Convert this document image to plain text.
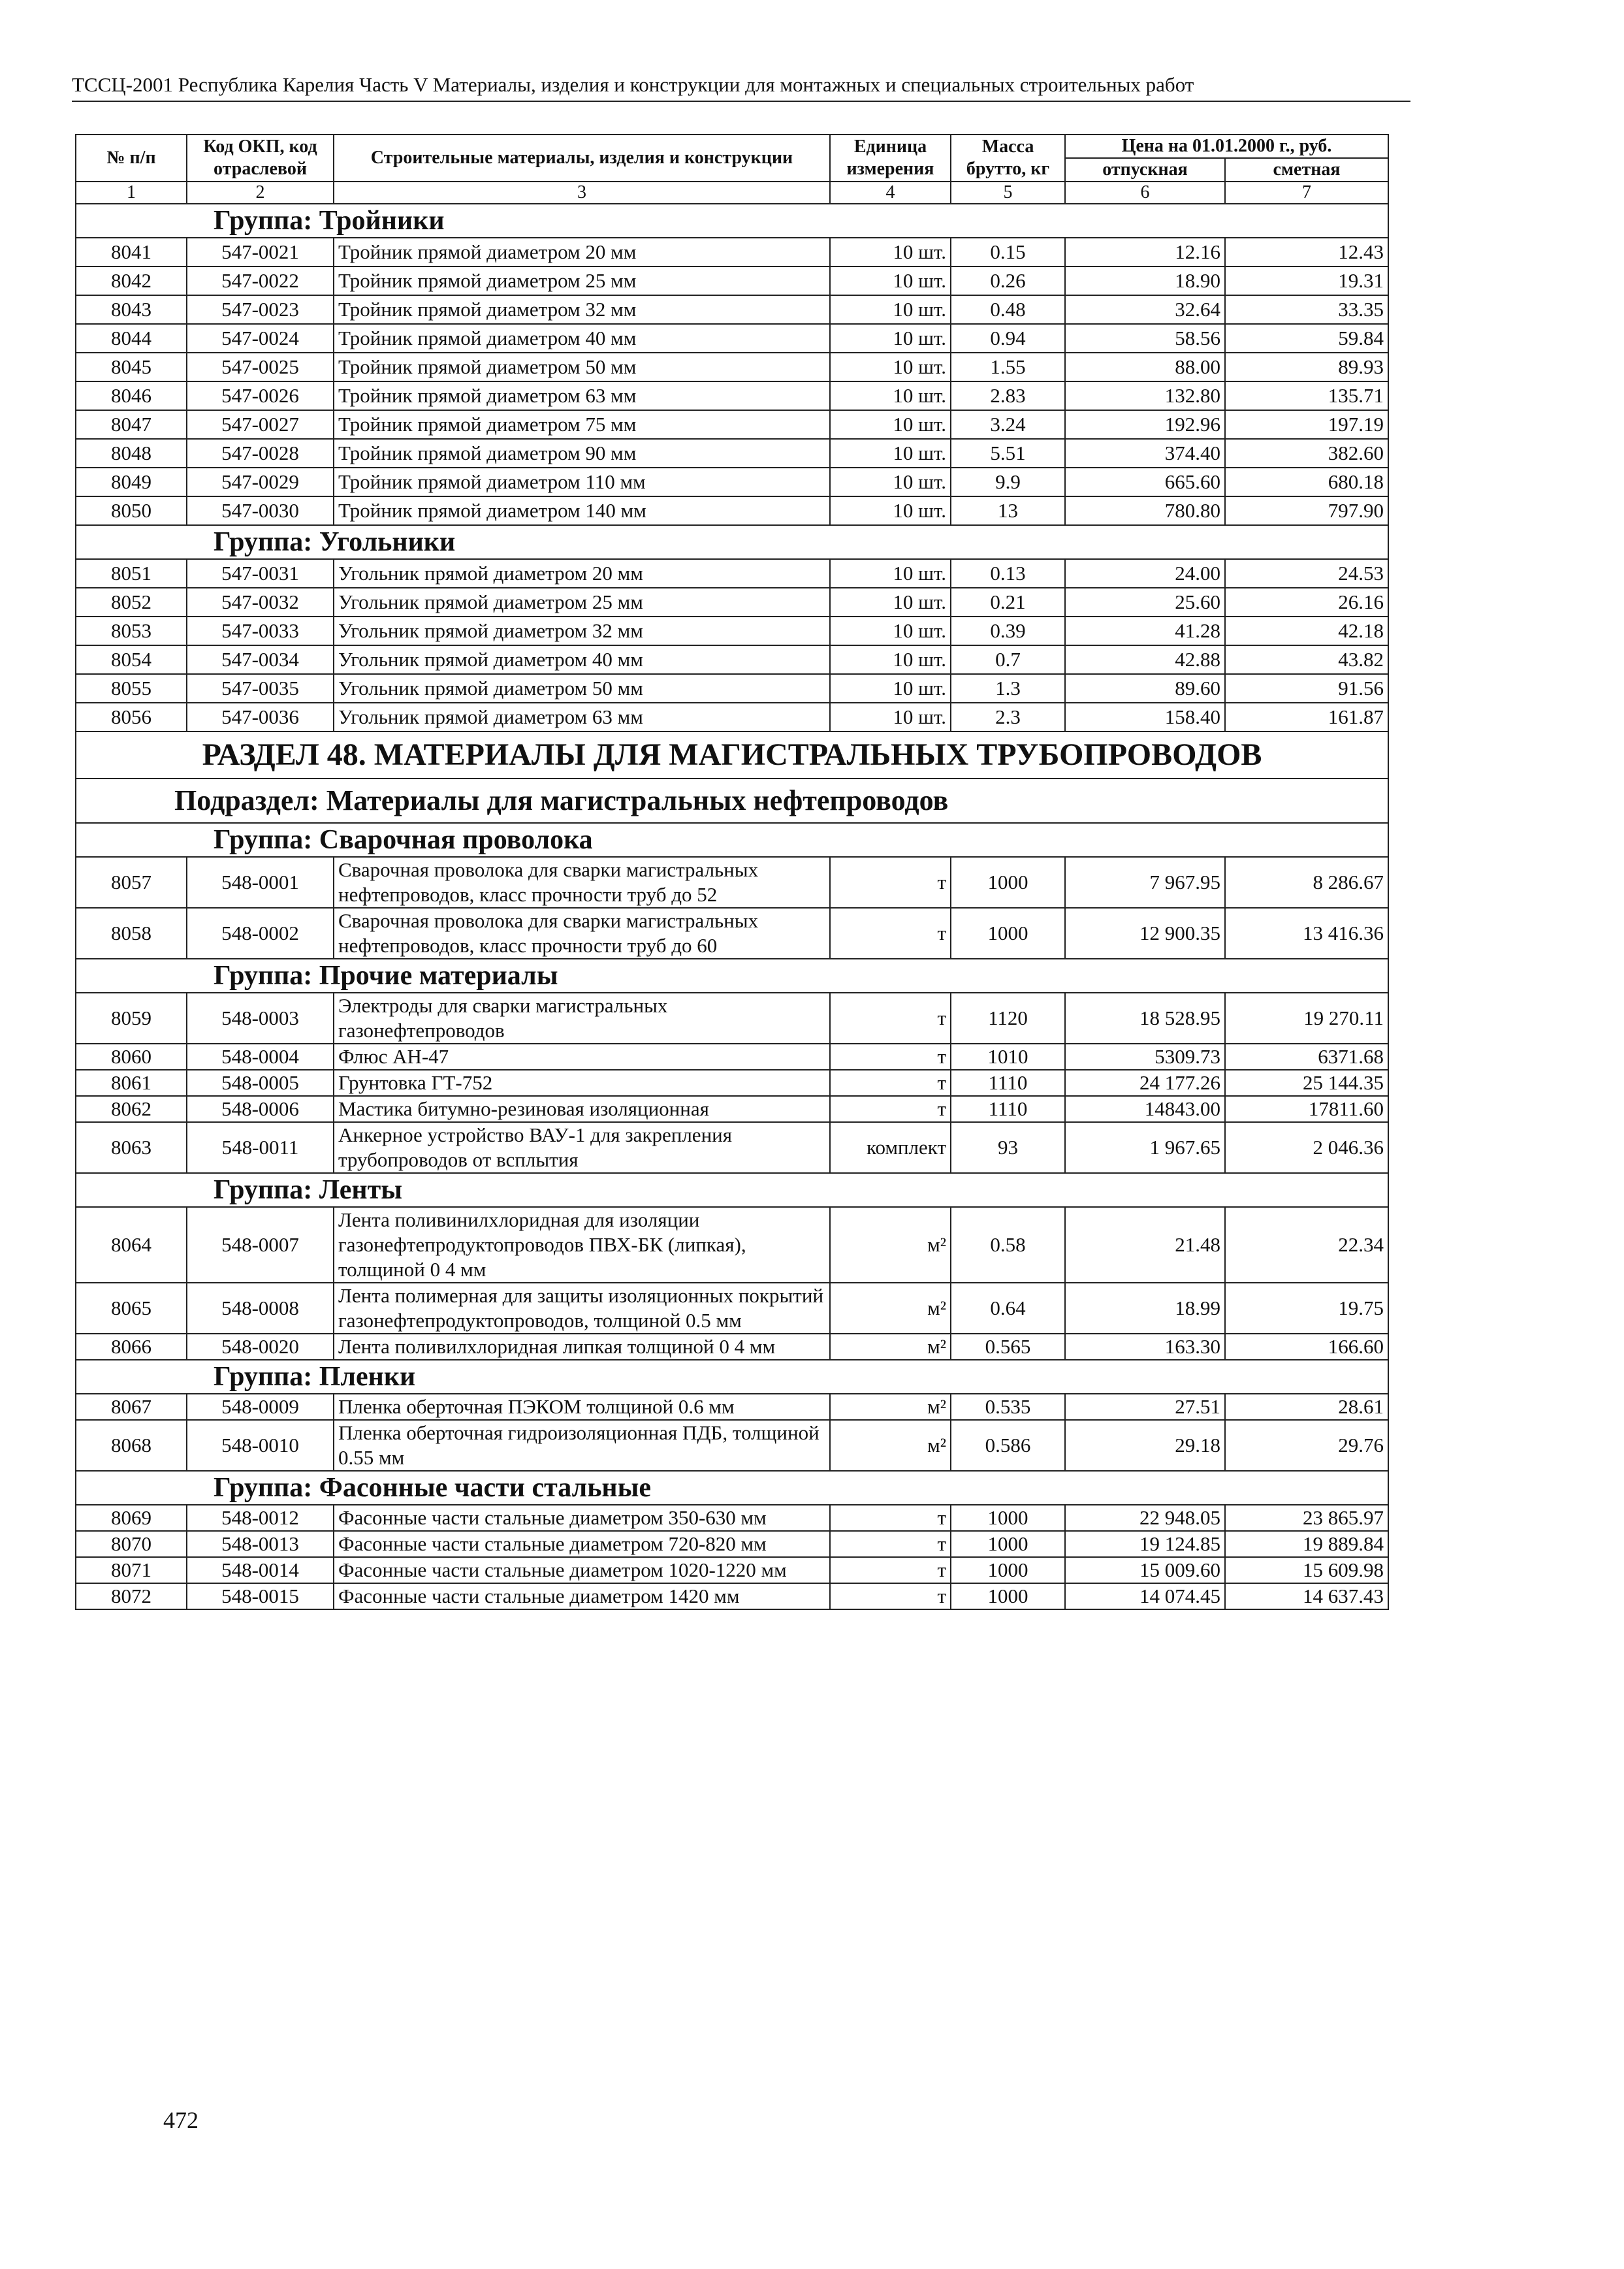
ТССЦ-2001 Республика Карелия Часть V Материалы, изделия и конструкции для монтажных и специальных строительных работ
№ п/п	Код ОКП, код отраслевой	Строительные материалы, изделия и конструкции	Единица измерения	Масса брутто, кг	Цена на 01.01.2000 г., руб.	
					отпускная	сметная
1	2	3	4	5	6	7
Группа: Тройники						
8041	547-0021	Тройник прямой диаметром 20 мм	10 шт.	0.15	12.16	12.43
8042	547-0022	Тройник прямой диаметром 25 мм	10 шт.	0.26	18.90	19.31
8043	547-0023	Тройник прямой диаметром 32 мм	10 шт.	0.48	32.64	33.35
8044	547-0024	Тройник прямой диаметром 40 мм	10 шт.	0.94	58.56	59.84
8045	547-0025	Тройник прямой диаметром 50 мм	10 шт.	1.55	88.00	89.93
8046	547-0026	Тройник прямой диаметром 63 мм	10 шт.	2.83	132.80	135.71
8047	547-0027	Тройник прямой диаметром 75 мм	10 шт.	3.24	192.96	197.19
8048	547-0028	Тройник прямой диаметром 90 мм	10 шт.	5.51	374.40	382.60
8049	547-0029	Тройник прямой диаметром 110 мм	10 шт.	9.9	665.60	680.18
8050	547-0030	Тройник прямой диаметром 140 мм	10 шт.	13	780.80	797.90
Группа: Угольники						
8051	547-0031	Угольник прямой диаметром 20 мм	10 шт.	0.13	24.00	24.53
8052	547-0032	Угольник прямой диаметром 25 мм	10 шт.	0.21	25.60	26.16
8053	547-0033	Угольник прямой диаметром 32 мм	10 шт.	0.39	41.28	42.18
8054	547-0034	Угольник прямой диаметром 40 мм	10 шт.	0.7	42.88	43.82
8055	547-0035	Угольник прямой диаметром 50 мм	10 шт.	1.3	89.60	91.56
8056	547-0036	Угольник прямой диаметром 63 мм	10 шт.	2.3	158.40	161.87
РАЗДЕЛ 48. МАТЕРИАЛЫ ДЛЯ МАГИСТРАЛЬНЫХ ТРУБОПРОВОДОВ						
Подраздел: Материалы для магистральных нефтепроводов						
Группа: Сварочная проволока						
8057	548-0001	Сварочная проволока для сварки магистральных нефтепроводов, класс прочности труб до 52	т	1000	7 967.95	8 286.67
8058	548-0002	Сварочная проволока для сварки магистральных нефтепроводов, класс прочности труб до 60	т	1000	12 900.35	13 416.36
Группа: Прочие материалы						
8059	548-0003	Электроды для сварки магистральных газонефтепроводов	т	1120	18 528.95	19 270.11
8060	548-0004	Флюс АН-47	т	1010	5309.73	6371.68
8061	548-0005	Грунтовка ГТ-752	т	1110	24 177.26	25 144.35
8062	548-0006	Мастика битумно-резиновая изоляционная	т	1110	14843.00	17811.60
8063	548-0011	Анкерное устройство ВАУ-1 для закрепления трубопроводов от всплытия	комплект	93	1 967.65	2 046.36
Группа: Ленты						
8064	548-0007	Лента поливинилхлоридная для изоляции газонефтепродуктопроводов ПВХ-БК (липкая), толщиной 0 4 мм	м²	0.58	21.48	22.34
8065	548-0008	Лента полимерная для защиты изоляционных покрытий газонефтепродуктопроводов, толщиной 0.5 мм	м²	0.64	18.99	19.75
8066	548-0020	Лента поливилхлоридная липкая толщиной 0 4 мм	м²	0.565	163.30	166.60
Группа: Пленки						
8067	548-0009	Пленка оберточная ПЭКОМ толщиной 0.6 мм	м²	0.535	27.51	28.61
8068	548-0010	Пленка оберточная гидроизоляционная ПДБ, толщиной 0.55 мм	м²	0.586	29.18	29.76
Группа: Фасонные части стальные						
8069	548-0012	Фасонные части стальные диаметром 350-630 мм	т	1000	22 948.05	23 865.97
8070	548-0013	Фасонные части стальные диаметром 720-820 мм	т	1000	19 124.85	19 889.84
8071	548-0014	Фасонные части стальные диаметром 1020-1220 мм	т	1000	15 009.60	15 609.98
8072	548-0015	Фасонные части стальные диаметром 1420 мм	т	1000	14 074.45	14 637.43
472
